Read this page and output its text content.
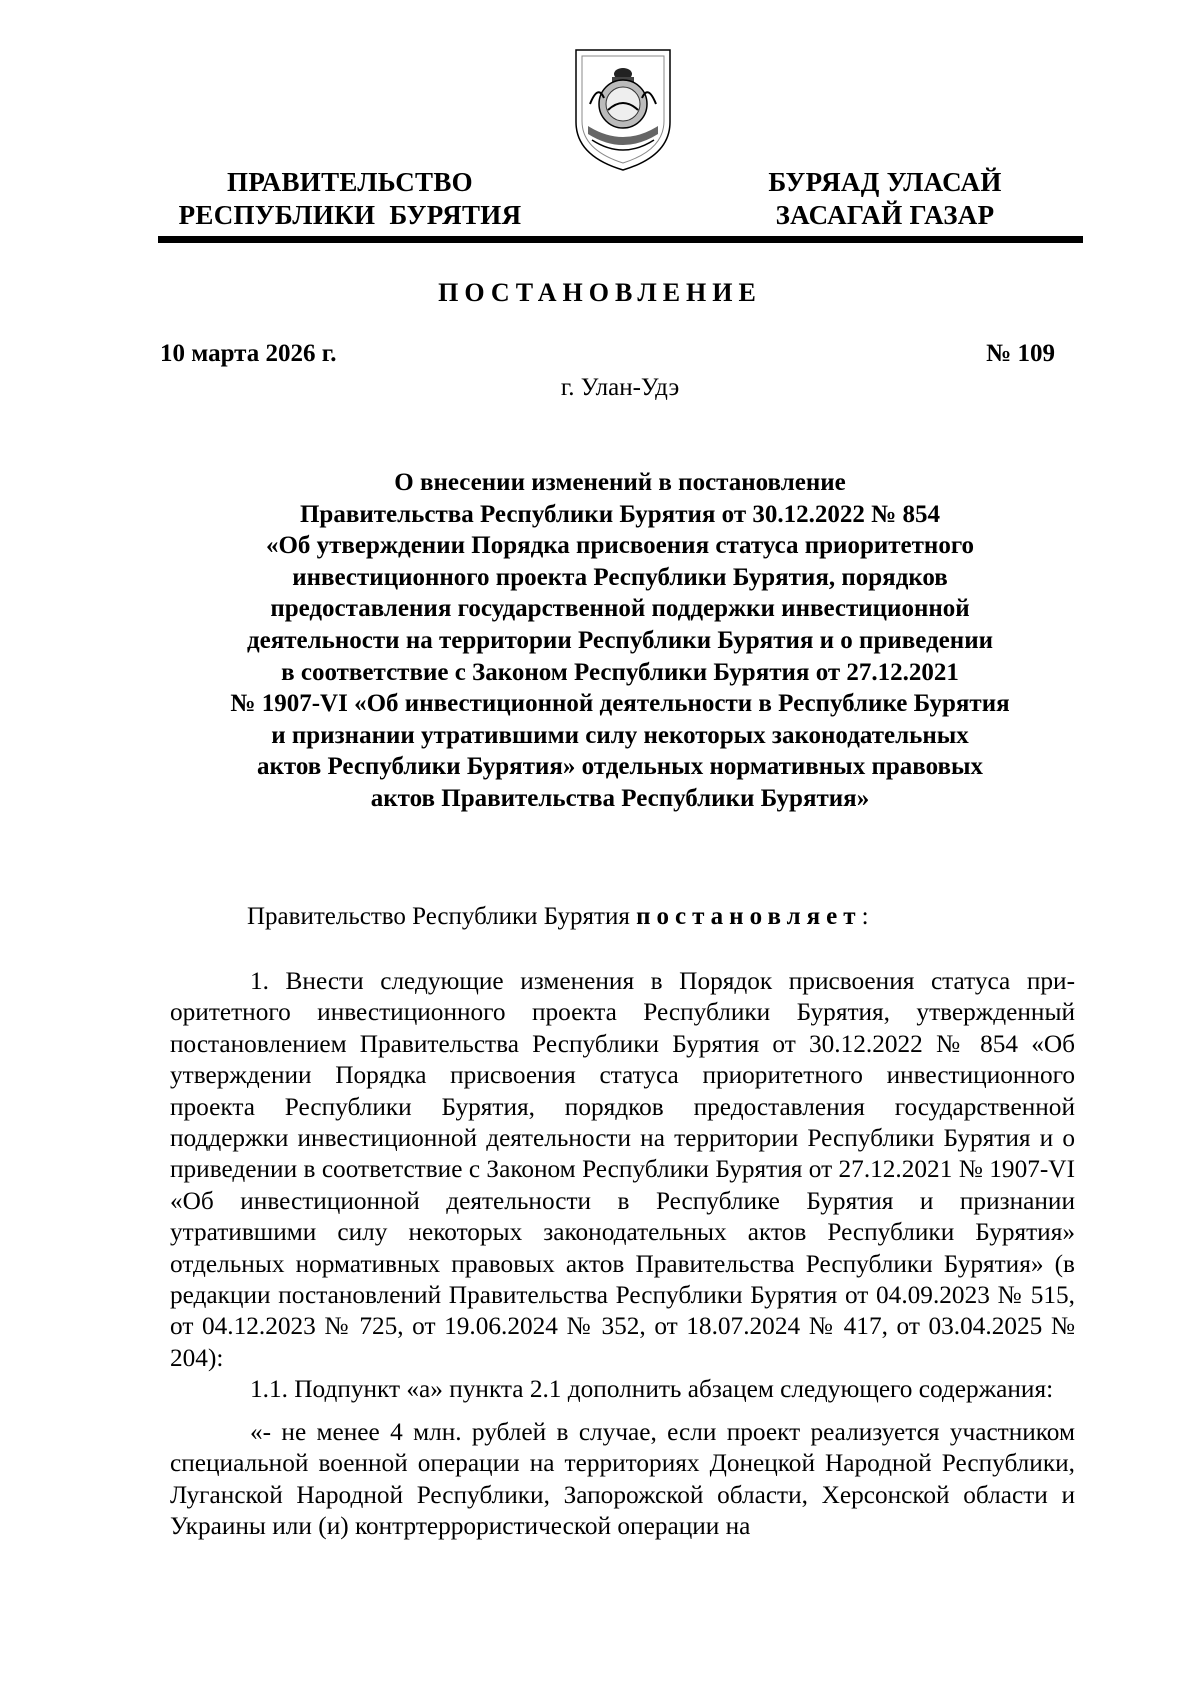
ПРАВИТЕЛЬСТВО
РЕСПУБЛИКИ  БУРЯТИЯ
БУРЯАД УЛАСАЙ
ЗАСАГАЙ ГАЗАР
ПОСТАНОВЛЕНИЕ
10 марта 2026 г.	№ 109
г. Улан-Удэ
О внесении изменений в постановление
Правительства Республики Бурятия от 30.12.2022 № 854
«Об утверждении Порядка присвоения статуса приоритетного
инвестиционного проекта Республики Бурятия, порядков
предоставления государственной поддержки инвестиционной
деятельности на территории Республики Бурятия и о приведении
в соответствие с Законом Республики Бурятия от 27.12.2021
№ 1907-VI «Об инвестиционной деятельности в Республике Бурятия
и признании утратившими силу некоторых законодательных
актов Республики Бурятия» отдельных нормативных правовых
актов Правительства Республики Бурятия»
Правительство Республики Бурятия постановляет:

1. Внести следующие изменения в Порядок присвоения статуса приоритетного инвестиционного проекта Республики Бурятия, утвержденный постановлением Правительства Республики Бурятия от 30.12.2022 № 854 «Об утверждении Порядка присвоения статуса приоритетного инвестиционного проекта Республики Бурятия, порядков предоставления государственной поддержки инвестиционной деятельности на территории Республики Бурятия и о приведении в соответствие с Законом Республики Бурятия от 27.12.2021 № 1907-VI «Об инвестиционной деятельности в Республике Бурятия и признании утратившими силу некоторых законодательных актов Республики Бурятия» отдельных нормативных правовых актов Правительства Республики Бурятия» (в редакции постановлений Правительства Республики Бурятия от 04.09.2023 № 515, от 04.12.2023 № 725, от 19.06.2024 № 352, от 18.07.2024 № 417, от 03.04.2025 № 204):

1.1. Подпункт «а» пункта 2.1 дополнить абзацем следующего содержания:

«- не менее 4 млн. рублей в случае, если проект реализуется участником специальной военной операции на территориях Донецкой Народной Республики, Луганской Народной Республики, Запорожской области, Херсонской области и Украины или (и) контртеррористической операции на
